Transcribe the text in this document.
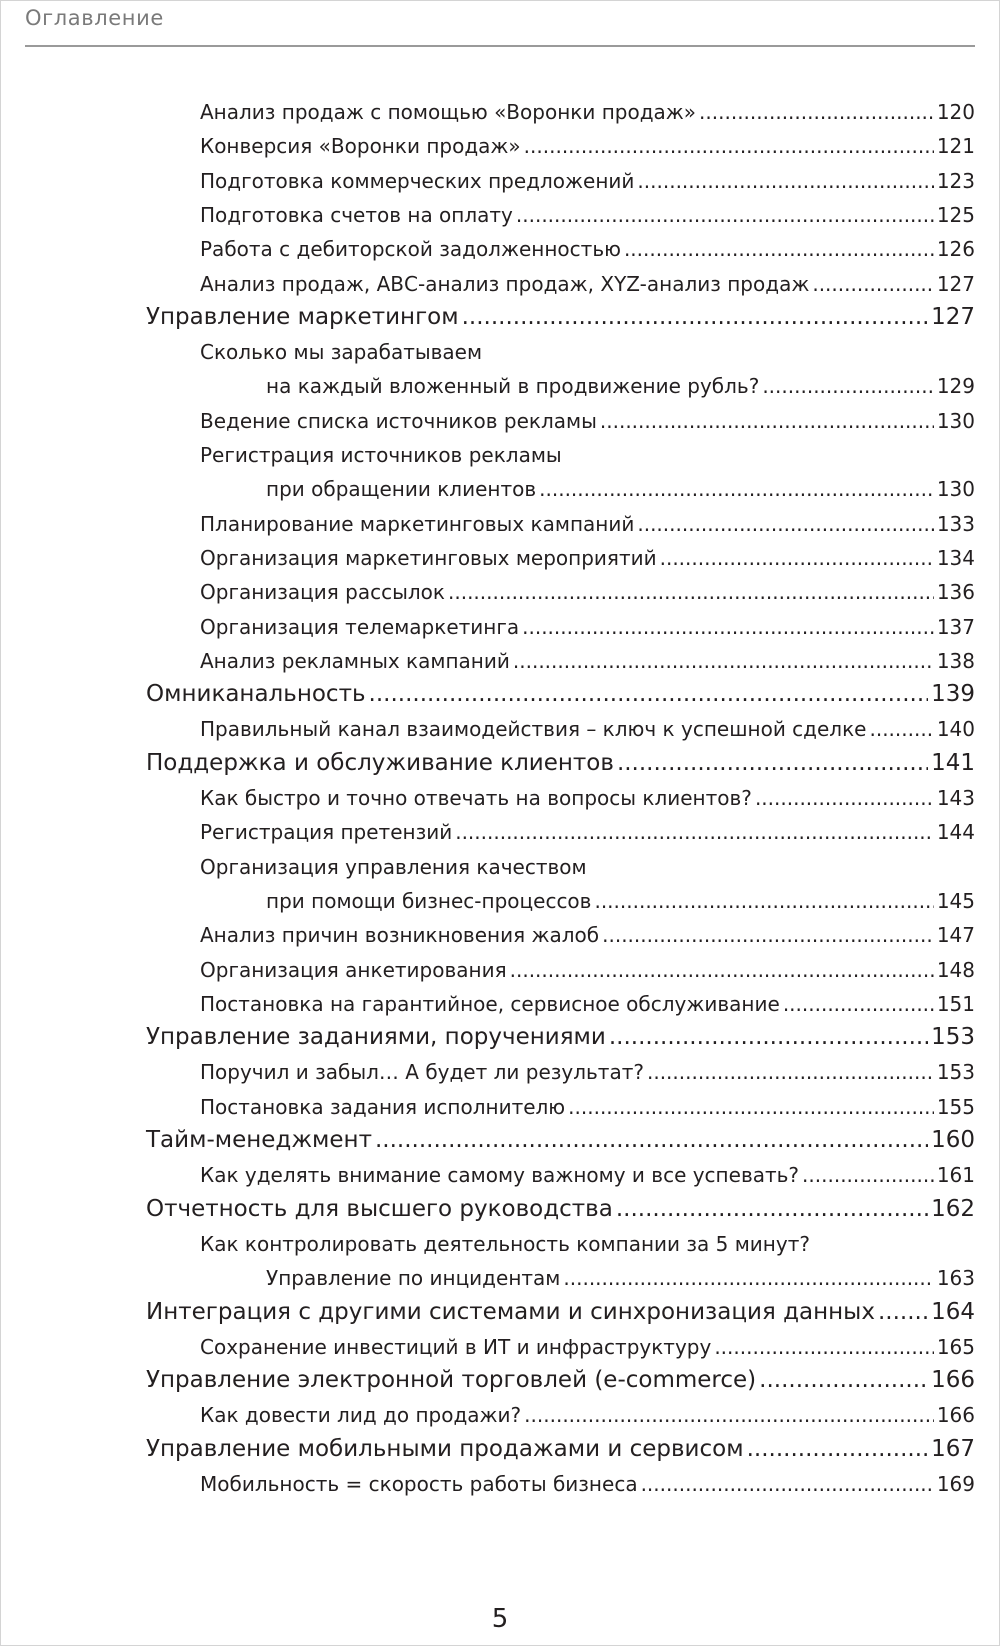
Оглавление
Анализ продаж с помощью «Воронки продаж» .....	120
Конверсия «Воронки продаж» .....	121
Подготовка коммерческих предложений .....	123
Подготовка счетов на оплату .....	125
Работа с дебиторской задолженностью .....	126
Анализ продаж, АВС-анализ продаж, XYZ-анализ продаж .....	127
Управление маркетингом .....	127
Сколько мы зарабатываем
на каждый вложенный в продвижение рубль? .....	129
Ведение списка источников рекламы .....	130
Регистрация источников рекламы
при обращении клиентов .....	130
Планирование маркетинговых кампаний .....	133
Организация маркетинговых мероприятий .....	134
Организация рассылок .....	136
Организация телемаркетинга .....	137
Анализ рекламных кампаний .....	138
Омниканальность .....	139
Правильный канал взаимодействия – ключ к успешной сделке .....	140
Поддержка и обслуживание клиентов .....	141
Как быстро и точно отвечать на вопросы клиентов? .....	143
Регистрация претензий .....	144
Организация управления качеством
при помощи бизнес-процессов .....	145
Анализ причин возникновения жалоб .....	147
Организация анкетирования .....	148
Постановка на гарантийное, сервисное обслуживание .....	151
Управление заданиями, поручениями .....	153
Поручил и забыл… А будет ли результат? .....	153
Постановка задания исполнителю .....	155
Тайм-менеджмент .....	160
Как уделять внимание самому важному и все успевать? .....	161
Отчетность для высшего руководства .....	162
Как контролировать деятельность компании за 5 минут?
Управление по инцидентам .....	163
Интеграция с другими системами и синхронизация данных ..... 164
Сохранение инвестиций в ИТ и инфраструктуру .....	165
Управление электронной торговлей (e-commerce) .....	166
Как довести лид до продажи? .....	166
Управление мобильными продажами и сервисом .....	167
Мобильность = скорость работы бизнеса .....	169
5
